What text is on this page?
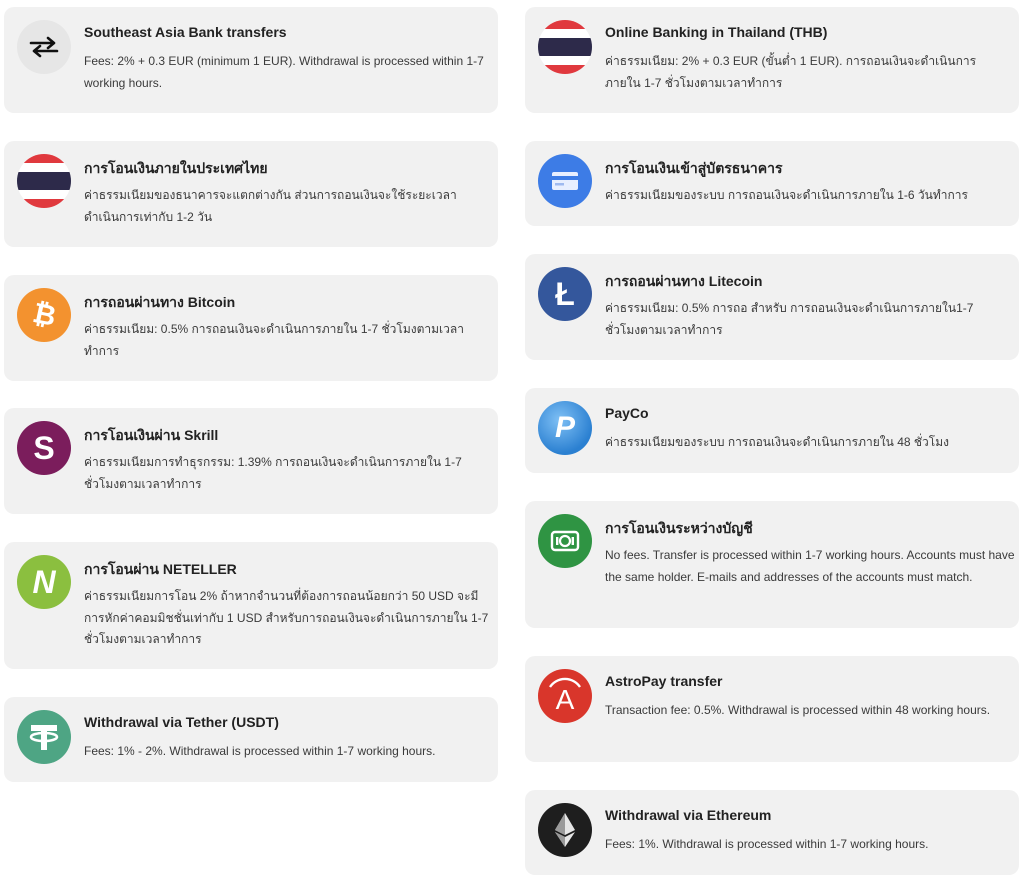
Southeast Asia Bank transfers
Fees: 2% + 0.3 EUR (minimum 1 EUR). Withdrawal is processed within 1-7 working hours.
การโอนเงินภายในประเทศไทย
ค่าธรรมเนียมของธนาคารจะแตกต่างกัน ส่วนการถอนเงินจะใช้ระยะเวลาดำเนินการเท่ากับ 1-2 วัน
₿ การถอนผ่านทาง Bitcoin
ค่าธรรมเนียม: 0.5% การถอนเงินจะดำเนินการภายใน 1-7 ชั่วโมงตามเวลาทำการ
S การโอนเงินผ่าน Skrill
ค่าธรรมเนียมการทำธุรกรรม: 1.39% การถอนเงินจะดำเนินการภายใน 1-7 ชั่วโมงตามเวลาทำการ
N การโอนผ่าน NETELLER
ค่าธรรมเนียมการโอน 2% ถ้าหากจำนวนที่ต้องการถอนน้อยกว่า 50 USD จะมีการหักค่าคอมมิชชั่นเท่ากับ 1 USD สำหรับการถอนเงินจะดำเนินการภายใน 1-7 ชั่วโมงตามเวลาทำการ
Withdrawal via Tether (USDT)
Fees: 1% - 2%. Withdrawal is processed within 1-7 working hours.
Online Banking in Thailand (THB)
ค่าธรรมเนียม: 2% + 0.3 EUR (ขั้นต่ำ 1 EUR). การถอนเงินจะดำเนินการภายใน 1-7 ชั่วโมงตามเวลาทำการ
การโอนเงินเข้าสู่บัตรธนาคาร
ค่าธรรมเนียมของระบบ การถอนเงินจะดำเนินการภายใน 1-6 วันทำการ
Ł การถอนผ่านทาง Litecoin
ค่าธรรมเนียม: 0.5% การถอ สำหรับ การถอนเงินจะดำเนินการภายใน1-7 ชั่วโมงตามเวลาทำการ
P PayCo
ค่าธรรมเนียมของระบบ การถอนเงินจะดำเนินการภายใน 48 ชั่วโมง
การโอนเงินระหว่างบัญชี
No fees. Transfer is processed within 1-7 working hours. Accounts must have the same holder. E-mails and addresses of the accounts must match.
A
AstroPay transfer
Transaction fee: 0.5%. Withdrawal is processed within 48 working hours.
Withdrawal via Ethereum
Fees: 1%. Withdrawal is processed within 1-7 working hours.
